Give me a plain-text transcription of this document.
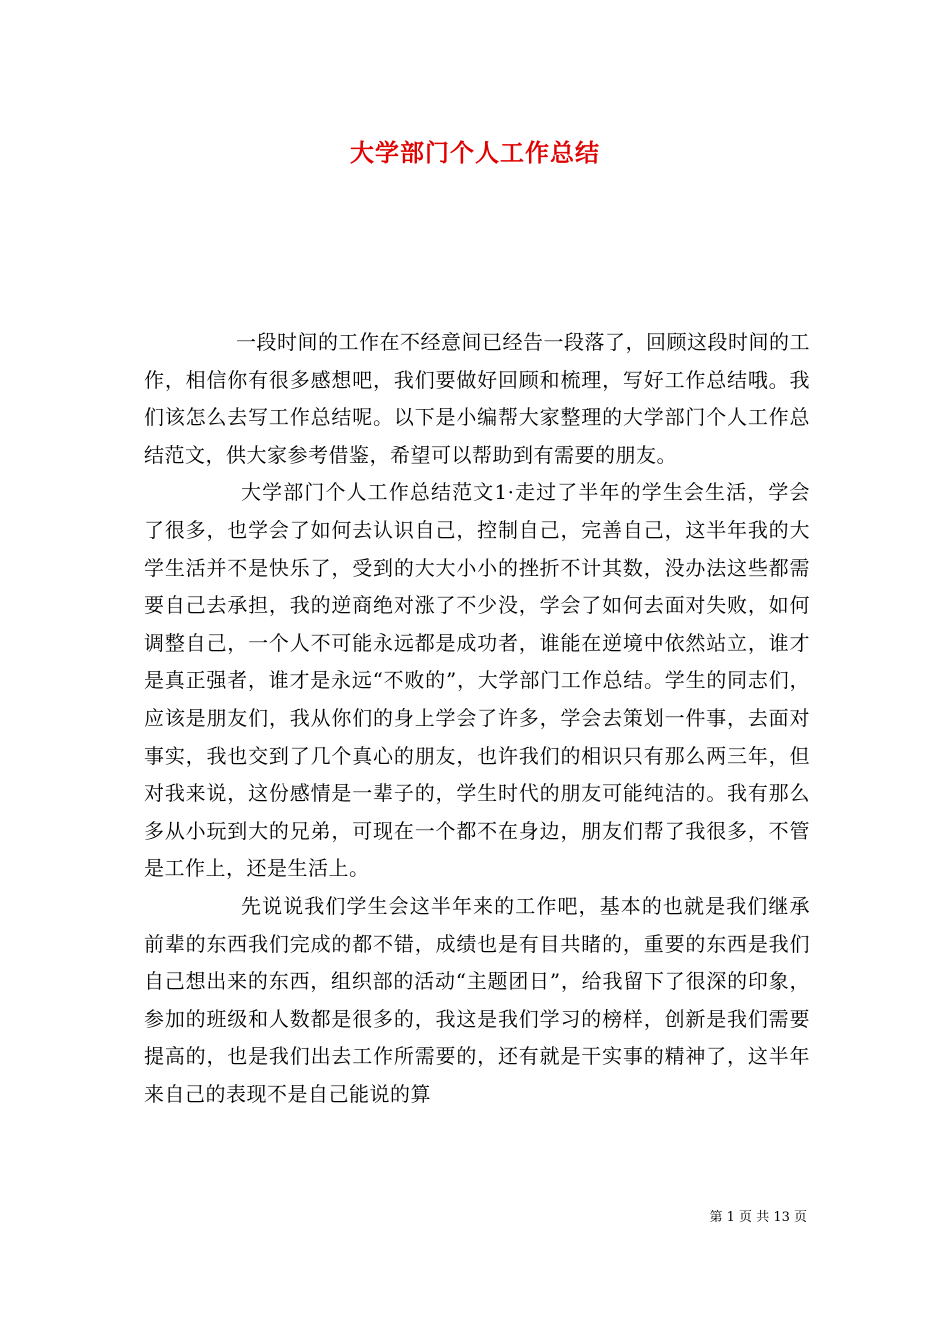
大学部门个人工作总结

一段时间的工作在不经意间已经告一段落了，回顾这段时间的工作，相信你有很多感想吧，我们要做好回顾和梳理，写好工作总结哦。我们该怎么去写工作总结呢。以下是小编帮大家整理的大学部门个人工作总结范文，供大家参考借鉴，希望可以帮助到有需要的朋友。

大学部门个人工作总结范文1·走过了半年的学生会生活，学会了很多，也学会了如何去认识自己，控制自己，完善自己，这半年我的大学生活并不是快乐了，受到的大大小小的挫折不计其数，没办法这些都需要自己去承担，我的逆商绝对涨了不少没，学会了如何去面对失败，如何调整自己，一个人不可能永远都是成功者，谁能在逆境中依然站立，谁才是真正强者，谁才是永远“不败的”，大学部门工作总结。学生的同志们，应该是朋友们，我从你们的身上学会了许多，学会去策划一件事，去面对事实，我也交到了几个真心的朋友，也许我们的相识只有那么两三年，但对我来说，这份感情是一辈子的，学生时代的朋友可能纯洁的。我有那么多从小玩到大的兄弟，可现在一个都不在身边，朋友们帮了我很多，不管是工作上，还是生活上。

先说说我们学生会这半年来的工作吧，基本的也就是我们继承前辈的东西我们完成的都不错，成绩也是有目共睹的，重要的东西是我们自己想出来的东西，组织部的活动“主题团日”，给我留下了很深的印象，参加的班级和人数都是很多的，我这是我们学习的榜样，创新是我们需要提高的，也是我们出去工作所需要的，还有就是干实事的精神了，这半年来自己的表现不是自己能说的算

第 1 页 共 13 页
